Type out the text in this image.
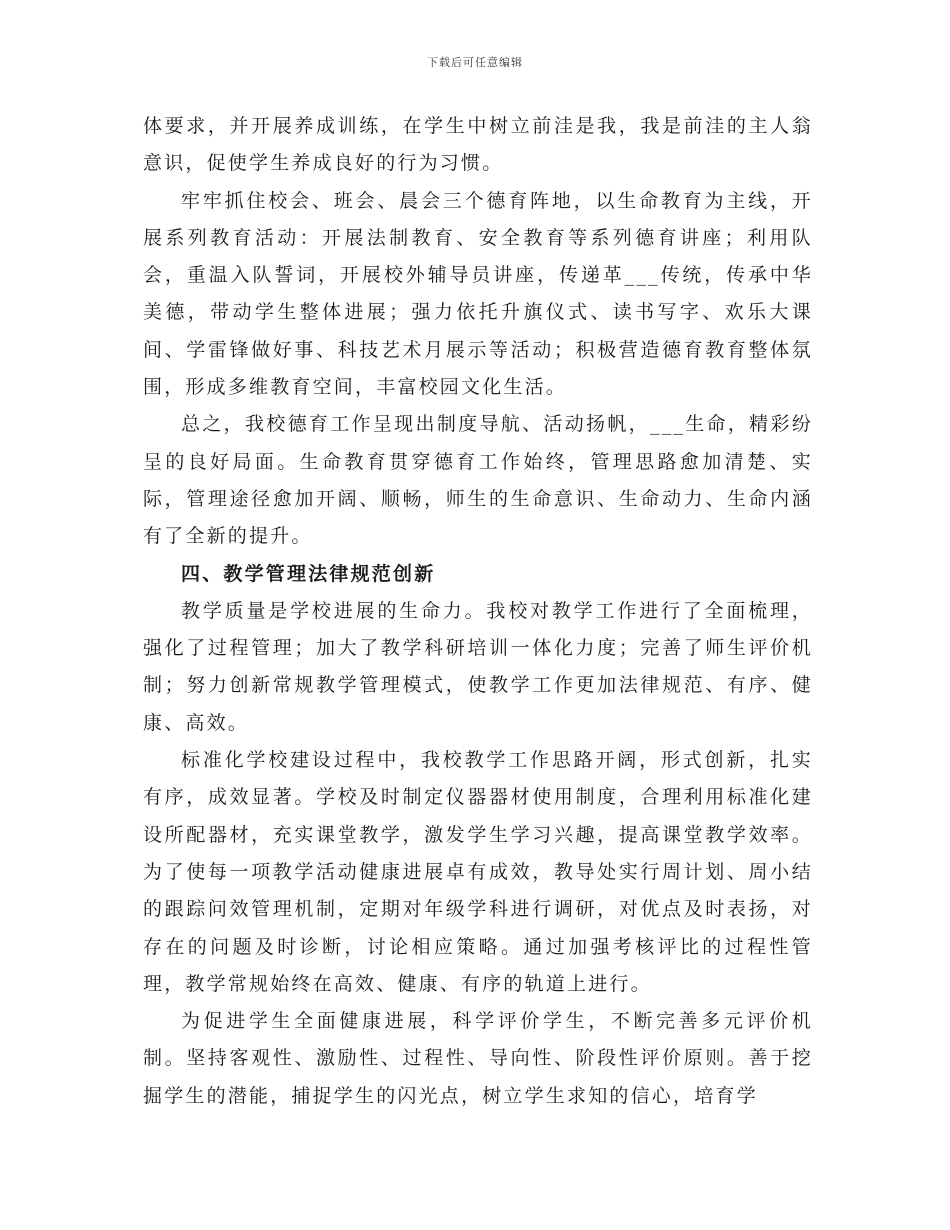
下载后可任意编辑

体要求，并开展养成训练，在学生中树立前洼是我，我是前洼的主人翁意识，促使学生养成良好的行为习惯。

牢牢抓住校会、班会、晨会三个德育阵地，以生命教育为主线，开展系列教育活动：开展法制教育、安全教育等系列德育讲座；利用队会，重温入队誓词，开展校外辅导员讲座，传递革___传统，传承中华美德，带动学生整体进展；强力依托升旗仪式、读书写字、欢乐大课间、学雷锋做好事、科技艺术月展示等活动；积极营造德育教育整体氛围，形成多维教育空间，丰富校园文化生活。

总之，我校德育工作呈现出制度导航、活动扬帆，___生命，精彩纷呈的良好局面。生命教育贯穿德育工作始终，管理思路愈加清楚、实际，管理途径愈加开阔、顺畅，师生的生命意识、生命动力、生命内涵有了全新的提升。

四、教学管理法律规范创新

教学质量是学校进展的生命力。我校对教学工作进行了全面梳理，强化了过程管理；加大了教学科研培训一体化力度；完善了师生评价机制；努力创新常规教学管理模式，使教学工作更加法律规范、有序、健康、高效。

标准化学校建设过程中，我校教学工作思路开阔，形式创新，扎实有序，成效显著。学校及时制定仪器器材使用制度，合理利用标准化建设所配器材，充实课堂教学，激发学生学习兴趣，提高课堂教学效率。为了使每一项教学活动健康进展卓有成效，教导处实行周计划、周小结的跟踪问效管理机制，定期对年级学科进行调研，对优点及时表扬，对存在的问题及时诊断，讨论相应策略。通过加强考核评比的过程性管理，教学常规始终在高效、健康、有序的轨道上进行。

为促进学生全面健康进展，科学评价学生，不断完善多元评价机制。坚持客观性、激励性、过程性、导向性、阶段性评价原则。善于挖掘学生的潜能，捕捉学生的闪光点，树立学生求知的信心，培育学
